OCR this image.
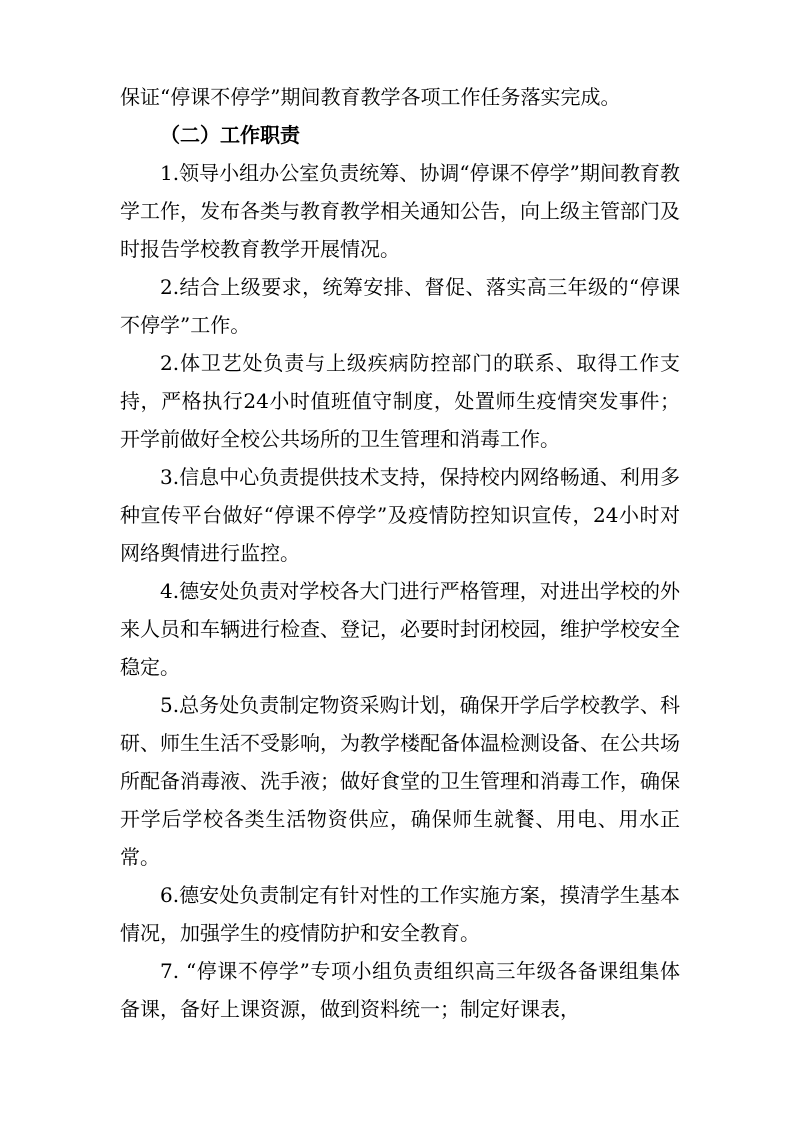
保证“停课不停学”期间教育教学各项工作任务落实完成。

（二）工作职责

1.领导小组办公室负责统筹、协调“停课不停学”期间教育教学工作，发布各类与教育教学相关通知公告，向上级主管部门及时报告学校教育教学开展情况。

2.结合上级要求，统筹安排、督促、落实高三年级的“停课不停学”工作。

2.体卫艺处负责与上级疾病防控部门的联系、取得工作支持，严格执行24小时值班值守制度，处置师生疫情突发事件；开学前做好全校公共场所的卫生管理和消毒工作。

3.信息中心负责提供技术支持，保持校内网络畅通、利用多种宣传平台做好“停课不停学”及疫情防控知识宣传，24小时对网络舆情进行监控。

4.德安处负责对学校各大门进行严格管理，对进出学校的外来人员和车辆进行检查、登记，必要时封闭校园，维护学校安全稳定。

5.总务处负责制定物资采购计划，确保开学后学校教学、科研、师生生活不受影响，为教学楼配备体温检测设备、在公共场所配备消毒液、洗手液；做好食堂的卫生管理和消毒工作，确保开学后学校各类生活物资供应，确保师生就餐、用电、用水正常。

6.德安处负责制定有针对性的工作实施方案，摸清学生基本情况，加强学生的疫情防护和安全教育。

7. “停课不停学”专项小组负责组织高三年级各备课组集体备课，备好上课资源，做到资料统一；制定好课表，
